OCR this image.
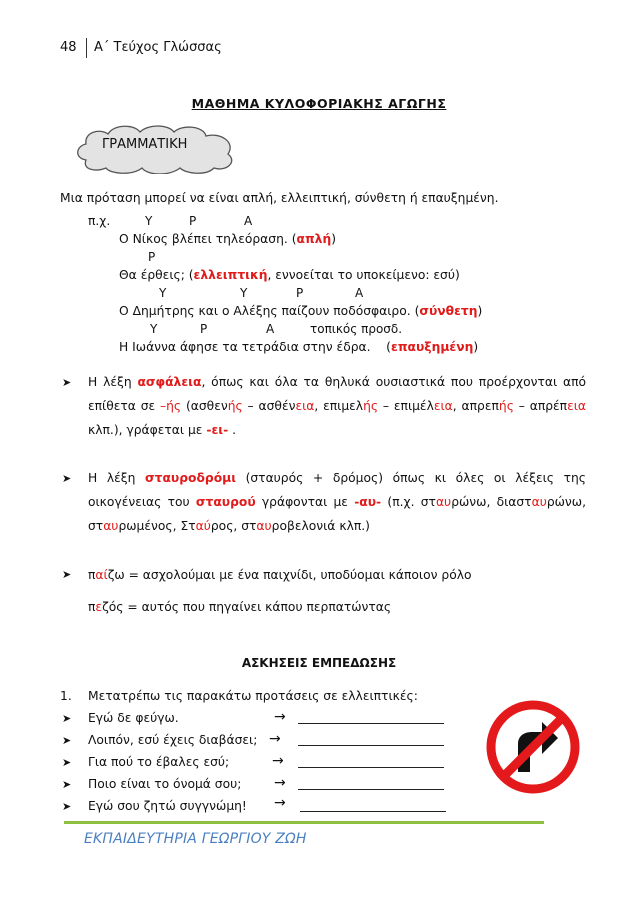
48 Α΄ Τεύχος Γλώσσας
ΜΑΘΗΜΑ ΚΥΛΟΦΟΡΙΑΚΗΣ ΑΓΩΓΗΣ
ΓΡΑΜΜΑΤΙΚΗ
Μια πρόταση μπορεί να είναι απλή, ελλειπτική, σύνθετη ή επαυξημένη.
π.χ.	Υ	Ρ	Α
Ο Νίκος βλέπει τηλεόραση. (απλή)
Ρ
Θα έρθεις; (ελλειπτική, εννοείται το υποκείμενο: εσύ)
Υ	Υ	Ρ	Α
Ο Δημήτρης και ο Αλέξης παίζουν ποδόσφαιρο. (σύνθετη)
Υ	Ρ	Α	τοπικός προσδ.
Η Ιωάννα άφησε τα τετράδια στην έδρα.    (επαυξημένη)
➤ Η λέξη ασφάλεια, όπως και όλα τα θηλυκά ουσιαστικά που προέρχονται από επίθετα σε –ής (ασθενής – ασθένεια, επιμελής – επιμέλεια, απρεπής – απρέπεια κλπ.), γράφεται με -ει- .
➤ Η λέξη σταυροδρόμι (σταυρός + δρόμος) όπως κι όλες οι λέξεις της οικογένειας του σταυρού γράφονται με -αυ- (π.χ. σταυρώνω, διασταυρώνω, σταυρωμένος, Σταύρος, σταυροβελονιά κλπ.)
➤ παίζω = ασχολούμαι με ένα παιχνίδι, υποδύομαι κάποιον ρόλο
πεζός = αυτός που πηγαίνει κάπου περπατώντας
ΑΣΚΗΣΕΙΣ ΕΜΠΕΔΩΣΗΣ
1. Μετατρέπω τις παρακάτω προτάσεις σε ελλειπτικές:
➤ Εγώ δε φεύγω.	→
➤ Λοιπόν, εσύ έχεις διαβάσει; →
➤ Για πού το έβαλες εσύ;	→
➤ Ποιο είναι το όνομά σου; →
➤ Εγώ σου ζητώ συγγνώμη! →
ΕΚΠΑΙΔΕΥΤΗΡΙΑ ΓΕΩΡΓΙΟΥ ΖΩΗ
